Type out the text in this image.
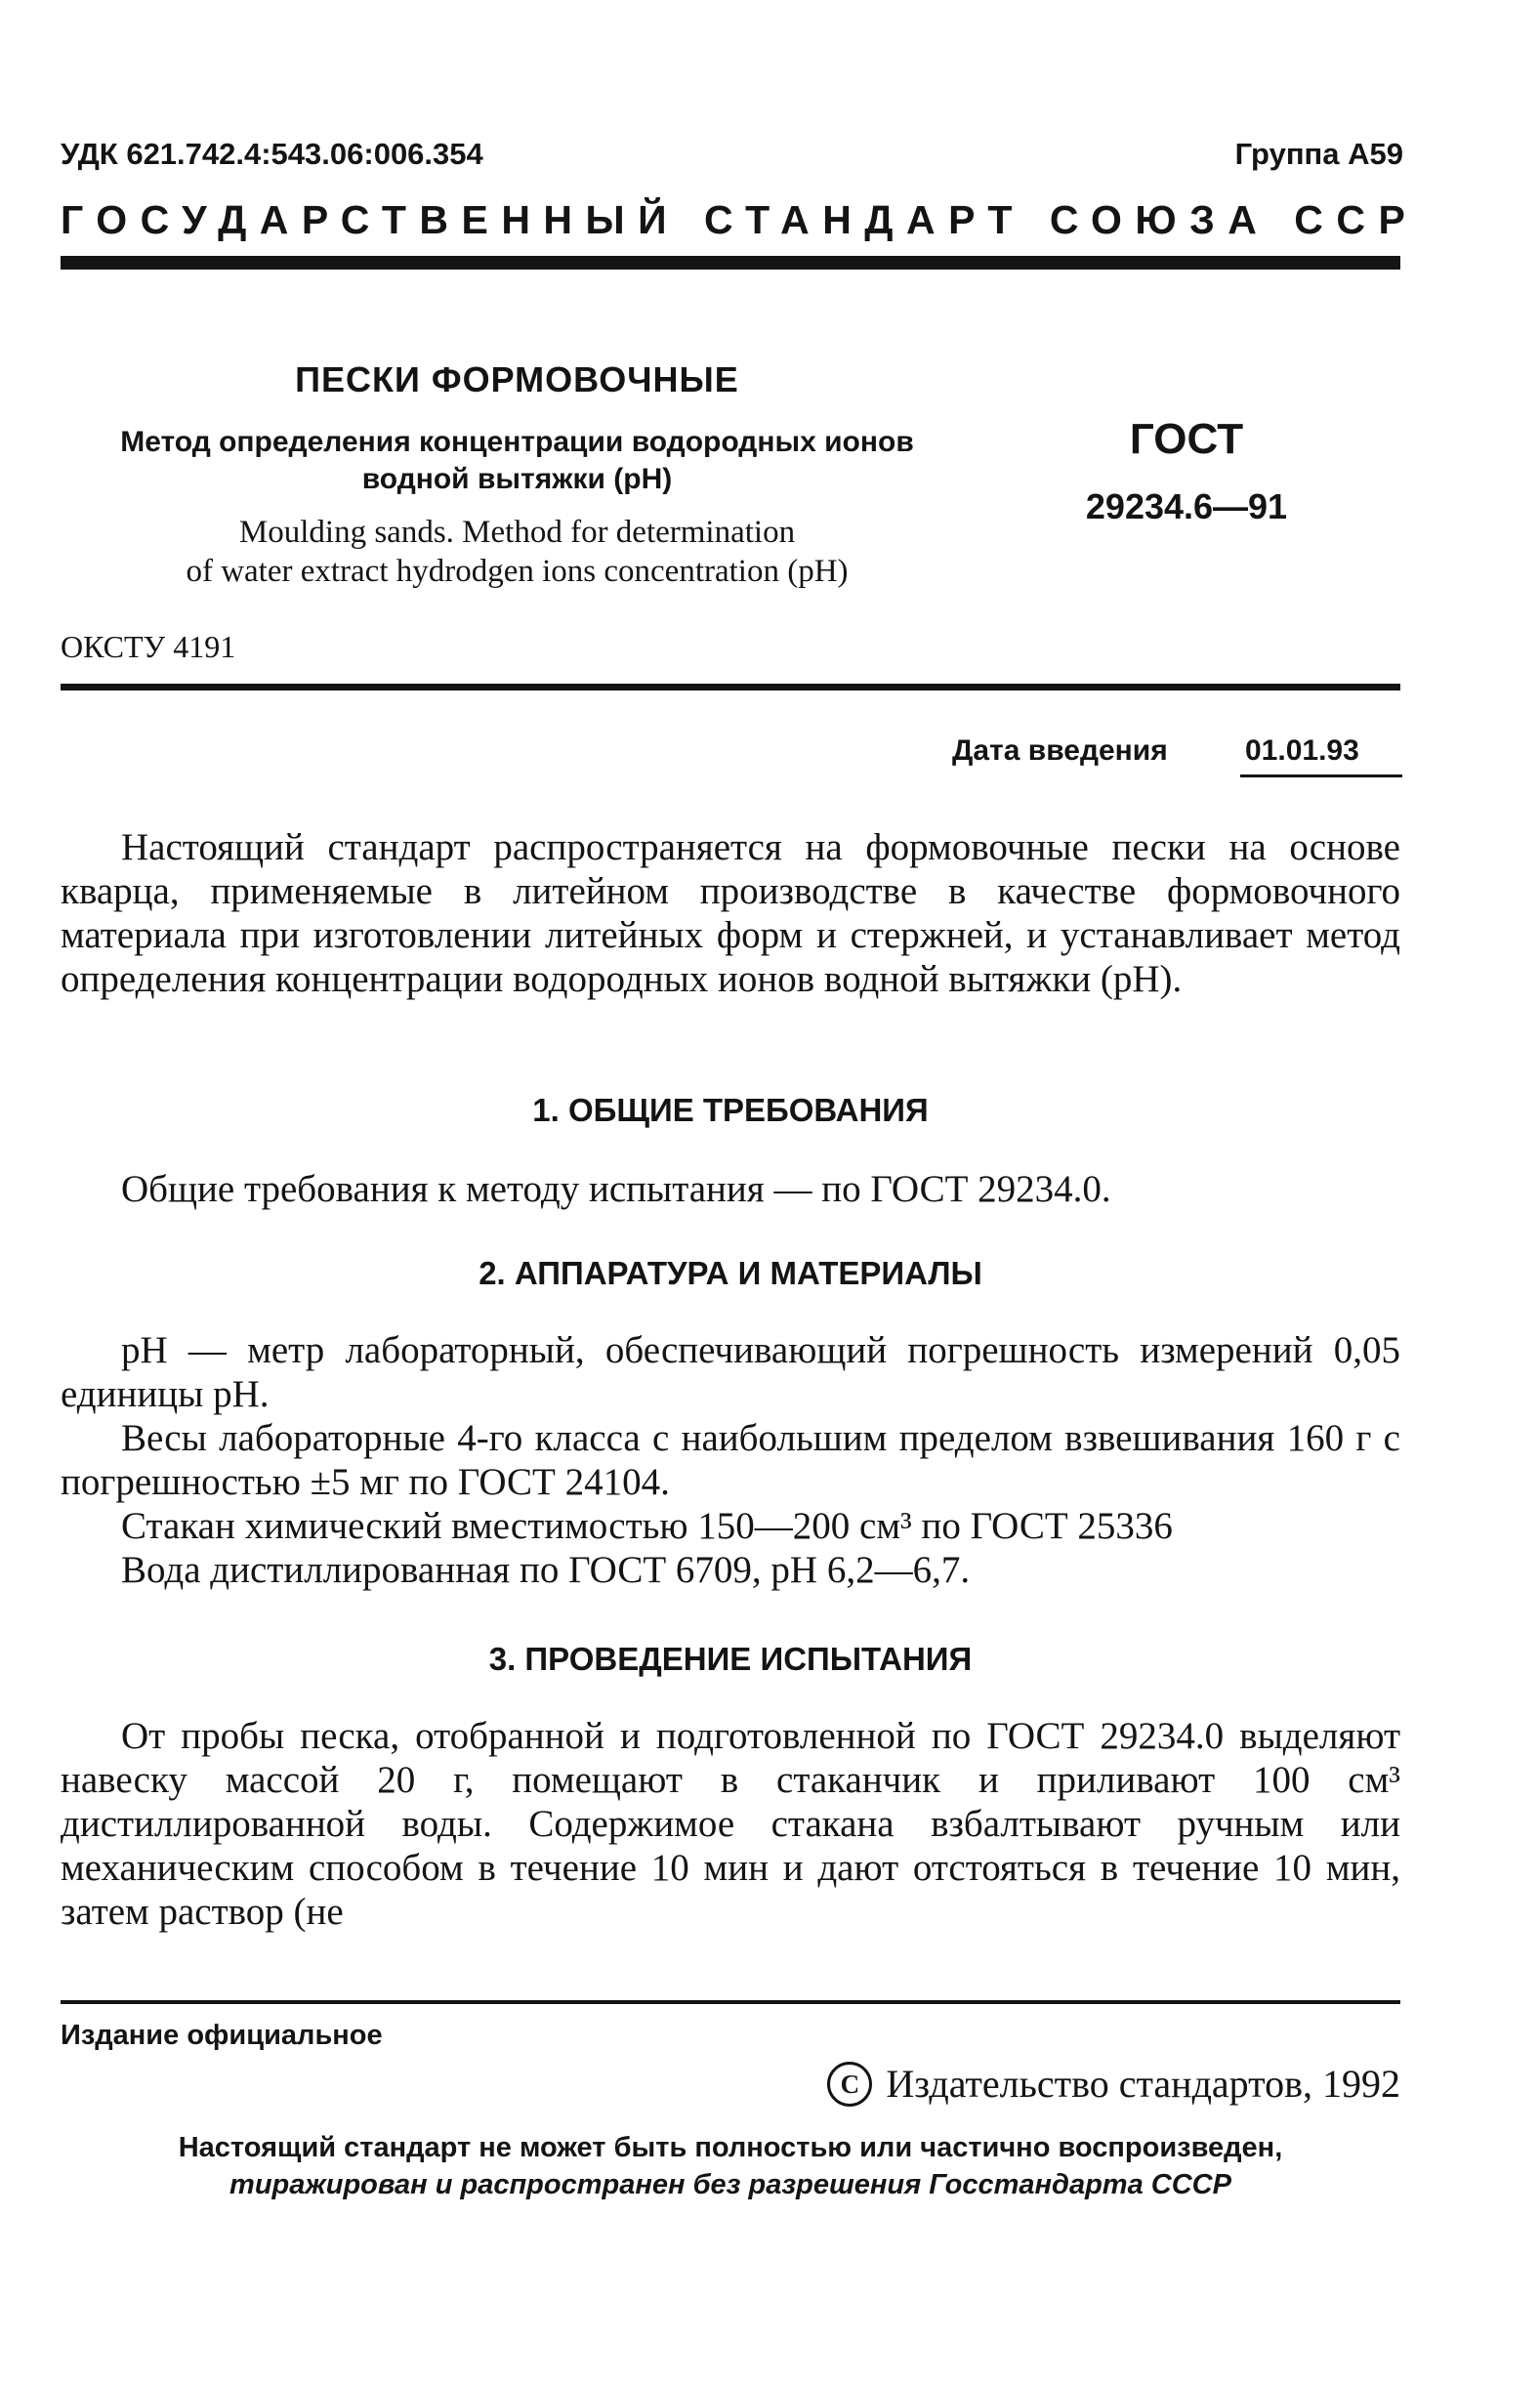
УДК 621.742.4:543.06:006.354	Группа А59
ГОСУДАРСТВЕННЫЙ СТАНДАРТ СОЮЗА ССР
ПЕСКИ ФОРМОВОЧНЫЕ
Метод определения концентрации водородных ионов
водной вытяжки (pH)
Moulding sands. Method for determination
of water extract hydrodgen ions concentration (pH)
ГОСТ
29234.6—91
ОКСТУ 4191
Дата введения	01.01.93

Настоящий стандарт распространяется на формовочные пески на основе кварца, применяемые в литейном производстве в качестве формовочного материала при изготовлении литейных форм и стержней, и устанавливает метод определения концентрации водородных ионов водной вытяжки (pH).

1. ОБЩИЕ ТРЕБОВАНИЯ

Общие требования к методу испытания — по ГОСТ 29234.0.

2. АППАРАТУРА И МАТЕРИАЛЫ
pH — метр лабораторный, обеспечивающий погрешность измерений 0,05 единицы pH.
Весы лабораторные 4-го класса с наибольшим пределом взвешивания 160 г с погрешностью ±5 мг по ГОСТ 24104.
Стакан химический вместимостью 150—200 см³ по ГОСТ 25336
Вода дистиллированная по ГОСТ 6709, pH 6,2—6,7.
3. ПРОВЕДЕНИЕ ИСПЫТАНИЯ

От пробы песка, отобранной и подготовленной по ГОСТ 29234.0 выделяют навеску массой 20 г, помещают в стаканчик и приливают 100 см³ дистиллированной воды. Содержимое стакана взбалтывают ручным или механическим способом в течение 10 мин и дают отстояться в течение 10 мин, затем раствор (не

Издание официальное
С Издательство стандартов, 1992
Настоящий стандарт не может быть полностью или частично воспроизведен,
тиражирован и распространен без разрешения Госстандарта СССР
